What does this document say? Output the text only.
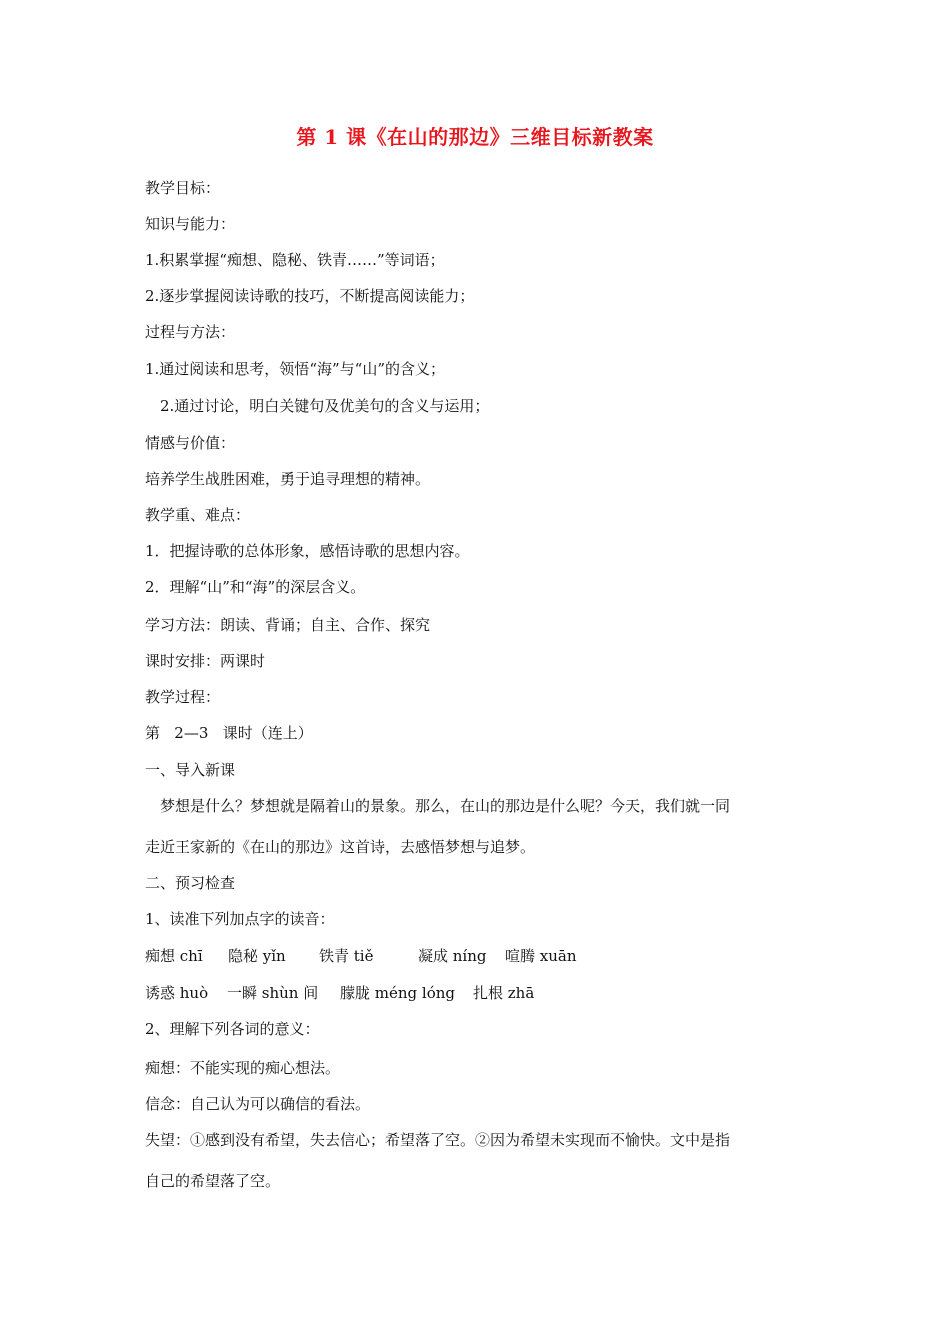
第 1 课《在山的那边》三维目标新教案
教学目标：
知识与能力：
1.积累掌握“痴想、隐秘、铁青……”等词语；
2.逐步掌握阅读诗歌的技巧，不断提高阅读能力；
过程与方法：
1.通过阅读和思考，领悟“海”与“山”的含义；
2.通过讨论，明白关键句及优美句的含义与运用；
情感与价值：
培养学生战胜困难，勇于追寻理想的精神。
教学重、难点：
1．把握诗歌的总体形象，感悟诗歌的思想内容。
2．理解“山”和“海”的深层含义。
学习方法：朗读、背诵；自主、合作、探究
课时安排：两课时
教学过程：
第   2—3   课时（连上）
一、导入新课
梦想是什么？梦想就是隔着山的景象。那么，在山的那边是什么呢？今天，我们就一同
走近王家新的《在山的那边》这首诗，去感悟梦想与追梦。
二、预习检查
1、读准下列加点字的读音：
痴想 chī 隐秘 yǐn 铁青 tiě	凝成 níng 喧腾 xuān
诱惑 huò 一瞬 shùn 间 朦胧 méng lóng 扎根 zhā
2、理解下列各词的意义：
痴想：不能实现的痴心想法。
信念：自己认为可以确信的看法。
失望：①感到没有希望，失去信心；希望落了空。②因为希望未实现而不愉快。文中是指
自己的希望落了空。
